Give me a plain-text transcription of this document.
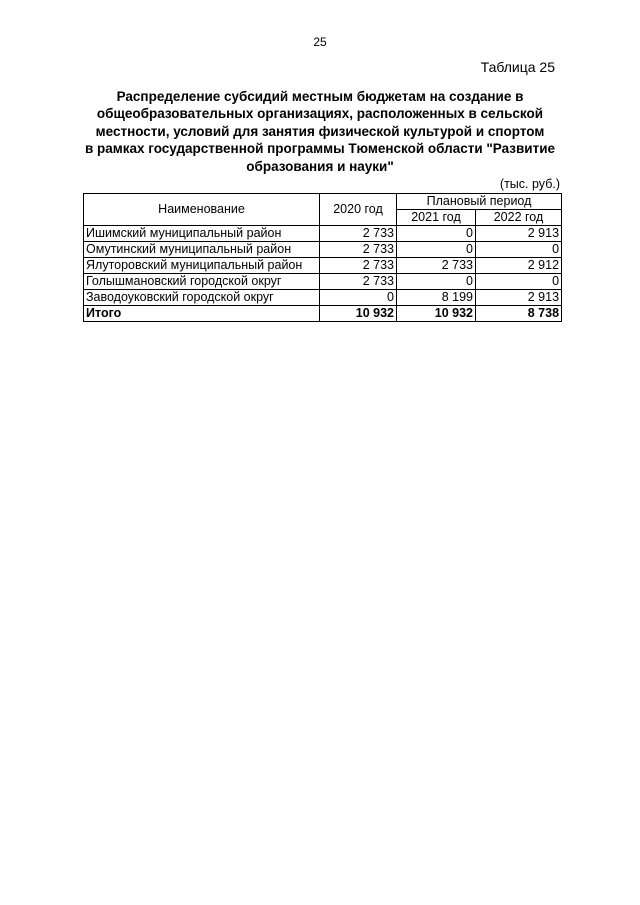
25
Таблица 25
Распределение субсидий местным бюджетам на создание в
общеобразовательных организациях, расположенных в сельской
местности, условий для занятия физической культурой и спортом
в рамках государственной программы Тюменской области "Развитие
образования и науки"
(тыс. руб.)
Наименование	2020 год	Плановый период	
		2021 год	2022 год
Ишимский муниципальный район	2 733	0	2 913
Омутинский муниципальный район	2 733	0	0
Ялуторовский муниципальный район	2 733	2 733	2 912
Голышмановский городской округ	2 733	0	0
Заводоуковский городской округ	0	8 199	2 913
Итого	10 932	10 932	8 738
